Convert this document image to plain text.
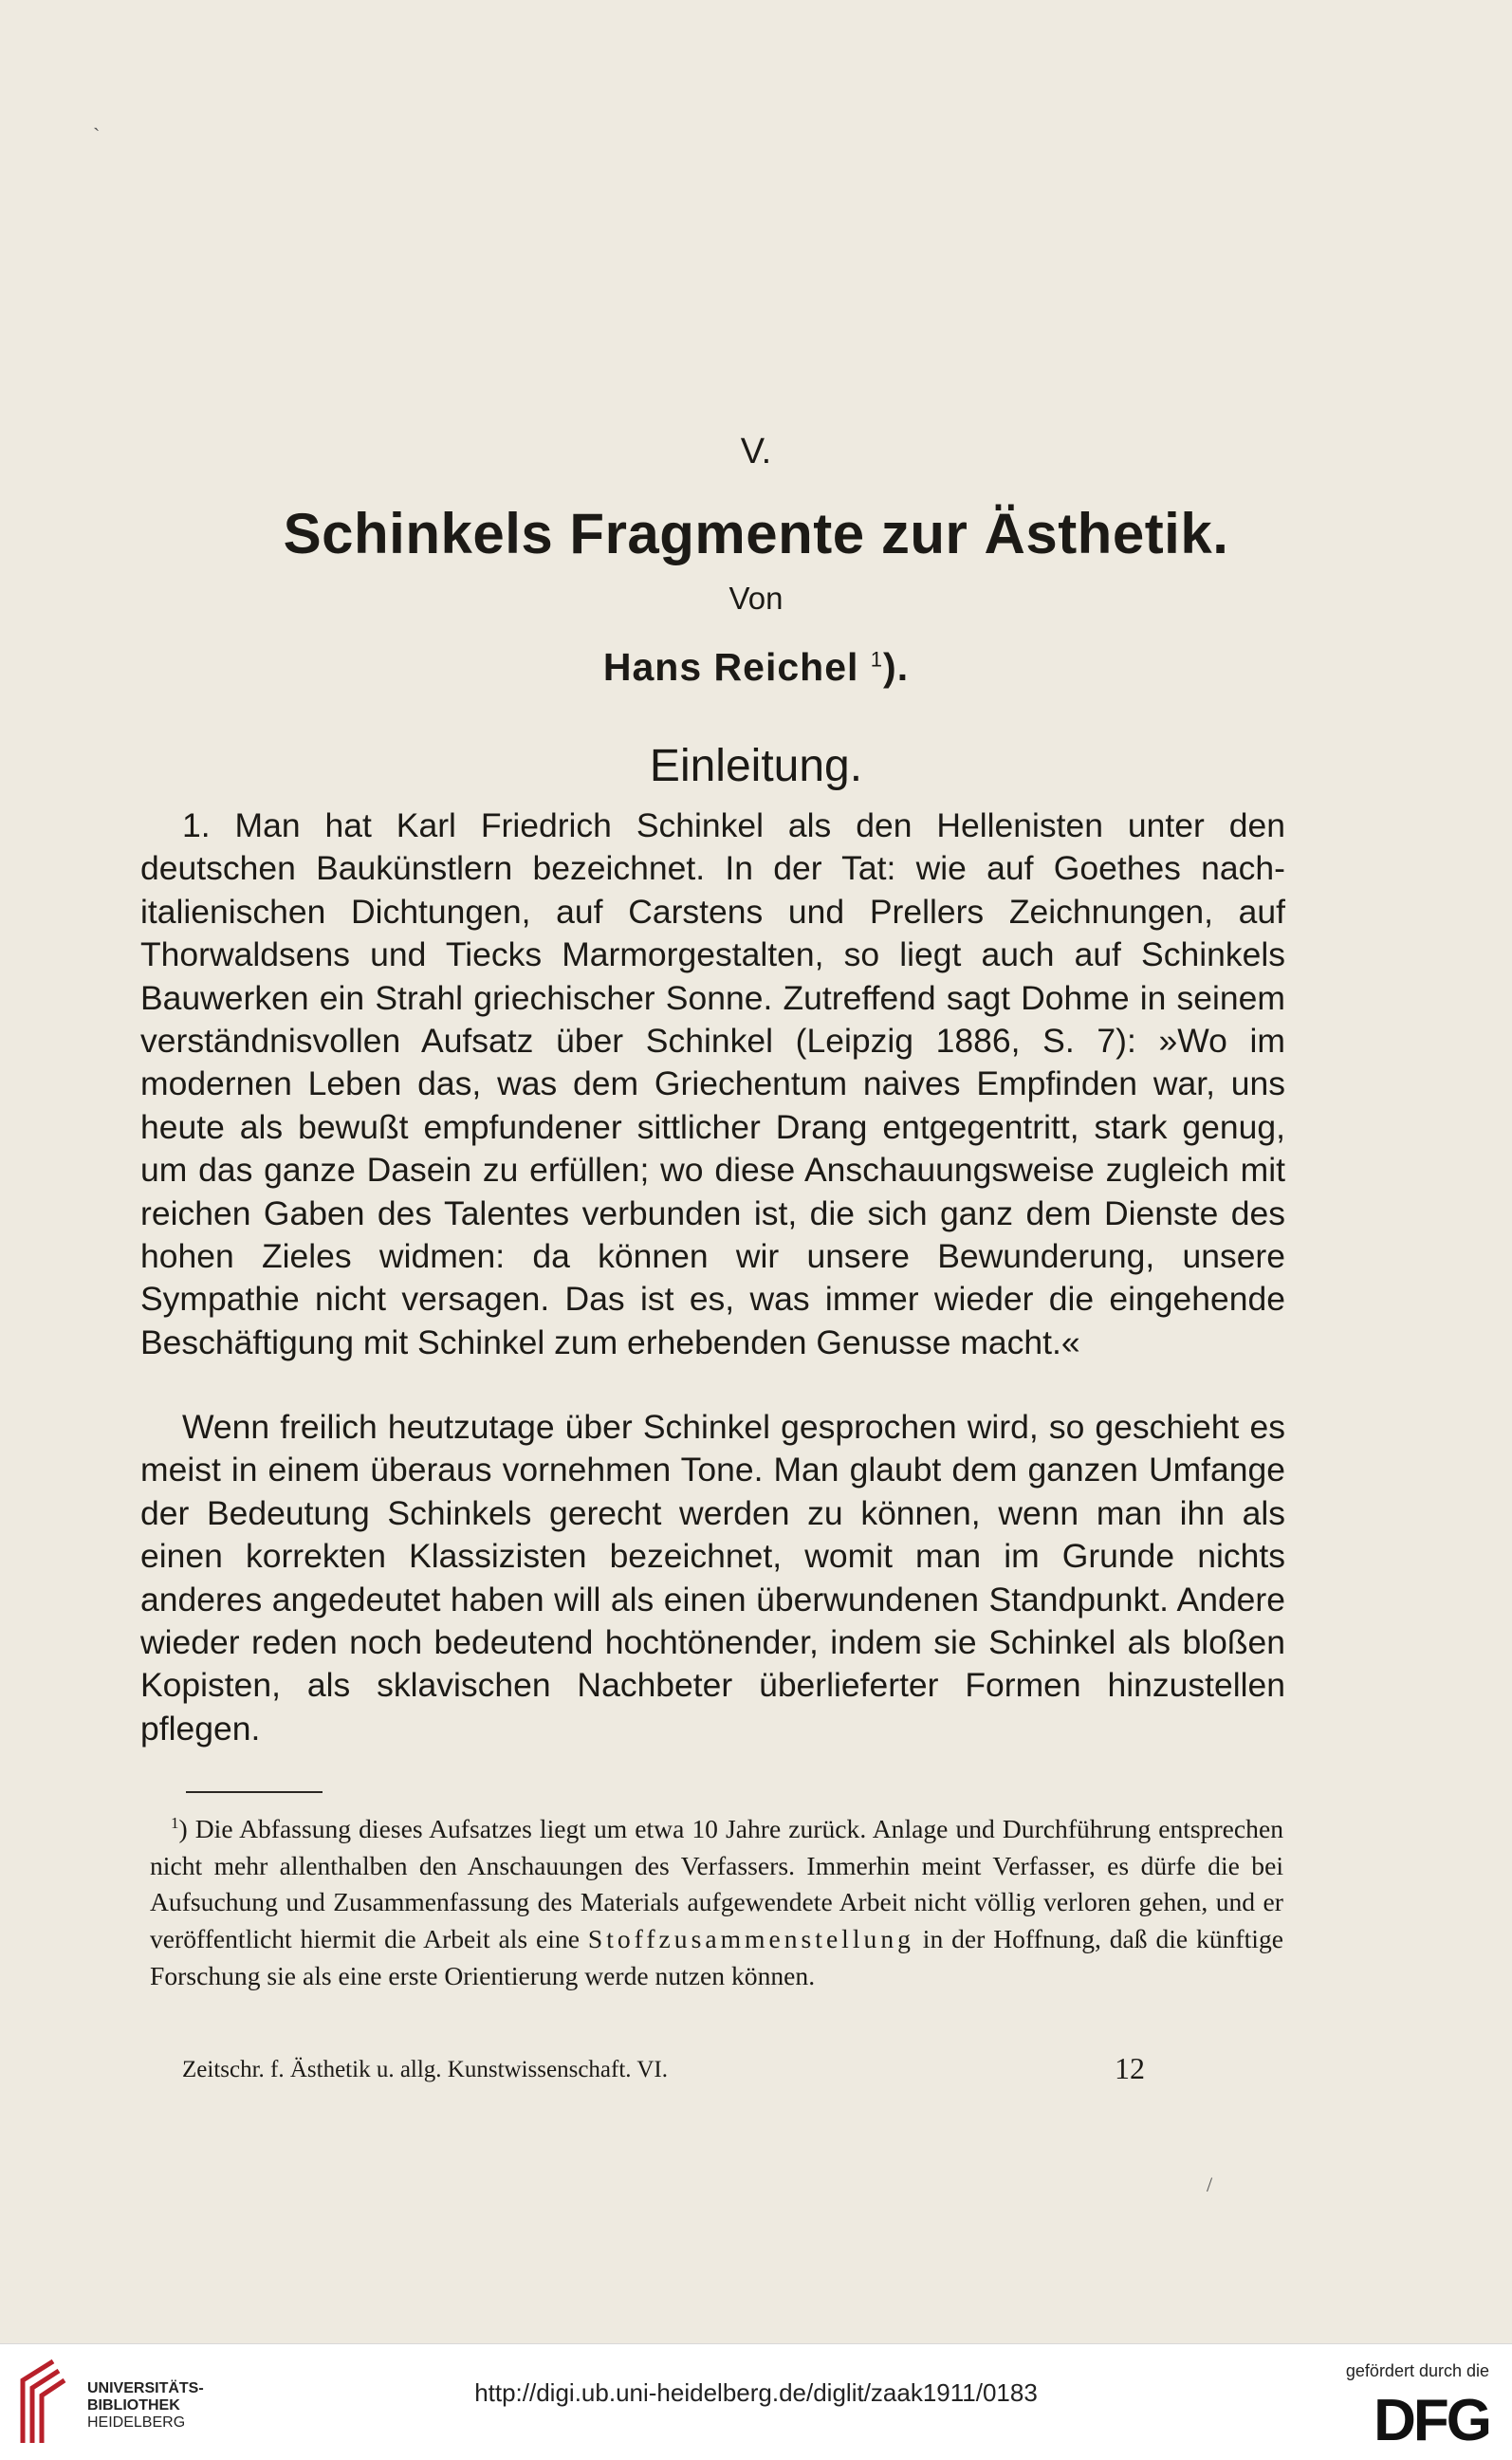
ˋ
V.
Schinkels Fragmente zur Ästhetik.
Von
Hans Reichel $^1$).
Einleitung.

1. Man hat Karl Friedrich Schinkel als den Hellenisten unter den deutschen Baukünstlern bezeichnet. In der Tat: wie auf Goethes nach-italienischen Dichtungen, auf Carstens und Prellers Zeichnungen, auf Thorwaldsens und Tiecks Marmorgestalten, so liegt auch auf Schinkels Bauwerken ein Strahl griechischer Sonne. Zutreffend sagt Dohme in seinem verständnisvollen Aufsatz über Schinkel (Leipzig 1886, S. 7): »Wo im modernen Leben das, was dem Griechentum naives Empfinden war, uns heute als bewußt empfundener sittlicher Drang entgegentritt, stark genug, um das ganze Dasein zu erfüllen; wo diese Anschauungsweise zugleich mit reichen Gaben des Talentes verbunden ist, die sich ganz dem Dienste des hohen Zieles widmen: da können wir unsere Bewunderung, unsere Sympathie nicht versagen. Das ist es, was immer wieder die eingehende Beschäftigung mit Schinkel zum erhebenden Genusse macht.«

Wenn freilich heutzutage über Schinkel gesprochen wird, so geschieht es meist in einem überaus vornehmen Tone. Man glaubt dem ganzen Umfange der Bedeutung Schinkels gerecht werden zu können, wenn man ihn als einen korrekten Klassizisten bezeichnet, womit man im Grunde nichts anderes angedeutet haben will als einen überwundenen Standpunkt. Andere wieder reden noch bedeutend hochtönender, indem sie Schinkel als bloßen Kopisten, als sklavischen Nachbeter überlieferter Formen hinzustellen pflegen.

$^1$) Die Abfassung dieses Aufsatzes liegt um etwa 10 Jahre zurück. Anlage und Durchführung entsprechen nicht mehr allenthalben den Anschauungen des Verfassers. Immerhin meint Verfasser, es dürfe die bei Aufsuchung und Zusammenfassung des Materials aufgewendete Arbeit nicht völlig verloren gehen, und er veröffentlicht hiermit die Arbeit als eine Stoffzusammenstellung in der Hoffnung, daß die künftige Forschung sie als eine erste Orientierung werde nutzen können.

Zeitschr. f. Ästhetik u. allg. Kunstwissenschaft. VI.	12
/
UNIVERSITÄTS-
BIBLIOTHEK
HEIDELBERG
http://digi.ub.uni-heidelberg.de/diglit/zaak1911/0183
gefördert durch die
DFG
